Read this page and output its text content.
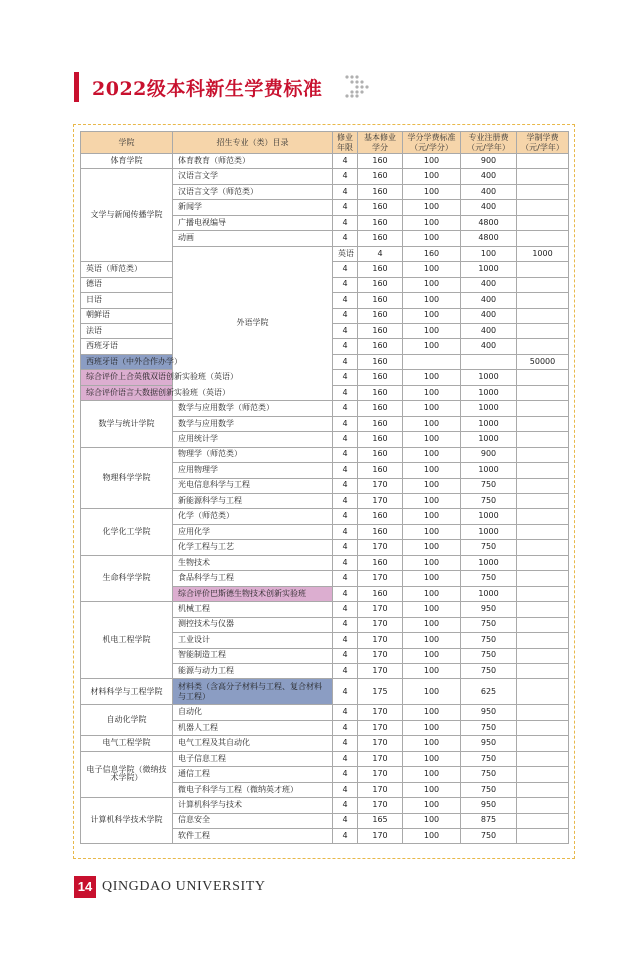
2022级本科新生学费标准
学院	招生专业（类）目录	修业年限	基本修业学分	学分学费标准（元/学分）	专业注册费（元/学年）	学制学费（元/学年）	
体育学院	体育教育（师范类）	4	160	100	900		
文学与新闻传播学院	汉语言文学	4	160	100	400		
	汉语言文学（师范类）	4	160	100	400		
	新闻学	4	160	100	400		
	广播电视编导	4	160	100	4800		
	动画	4	160	100	4800		
	外语学院	英语	4	160	100	1000	
英语（师范类）		4	160	100	1000		
德语		4	160	100	400		
日语		4	160	100	400		
朝鲜语		4	160	100	400		
法语		4	160	100	400		
西班牙语		4	160	100	400		
西班牙语（中外合作办学）		4	160			50000	
综合评价上合英俄双语创新实验班（英语）		4	160	100	1000		
综合评价语言大数据创新实验班（英语）		4	160	100	1000		
数学与统计学院	数学与应用数学（师范类）	4	160	100	1000		
	数学与应用数学	4	160	100	1000		
	应用统计学	4	160	100	1000		
物理科学学院	物理学（师范类）	4	160	100	900		
	应用物理学	4	160	100	1000		
	光电信息科学与工程	4	170	100	750		
	新能源科学与工程	4	170	100	750		
化学化工学院	化学（师范类）	4	160	100	1000		
	应用化学	4	160	100	1000		
	化学工程与工艺	4	170	100	750		
生命科学学院	生物技术	4	160	100	1000		
	食品科学与工程	4	170	100	750		
	综合评价巴斯德生物技术创新实验班	4	160	100	1000		
机电工程学院	机械工程	4	170	100	950		
	测控技术与仪器	4	170	100	750		
	工业设计	4	170	100	750		
	智能制造工程	4	170	100	750		
	能源与动力工程	4	170	100	750		
材料科学与工程学院	材料类（含高分子材料与工程、复合材料与工程）	4	175	100	625		
自动化学院	自动化	4	170	100	950		
	机器人工程	4	170	100	750		
电气工程学院	电气工程及其自动化	4	170	100	950		
电子信息学院（微纳技术学院）	电子信息工程	4	170	100	750		
	通信工程	4	170	100	750		
	微电子科学与工程（微纳英才班）	4	170	100	750		
计算机科学技术学院	计算机科学与技术	4	170	100	950		
	信息安全	4	165	100	875		
	软件工程	4	170	100	750		
14 QINGDAO UNIVERSITY
